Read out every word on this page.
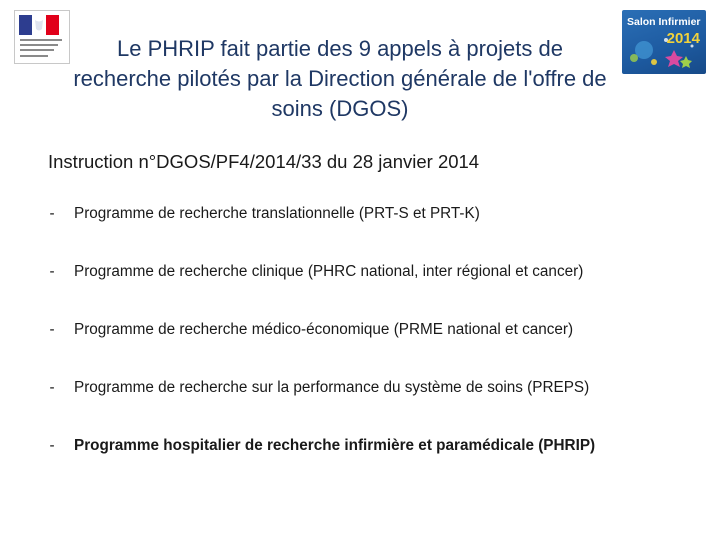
Salon Infirmier
2014
Le PHRIP fait partie des 9 appels à projets de recherche pilotés par la Direction générale de l'offre de soins (DGOS)

Instruction n°DGOS/PF4/2014/33 du 28 janvier 2014

-	Programme de recherche translationnelle (PRT-S et PRT-K)
-	Programme de recherche clinique (PHRC national, inter régional et cancer)
-	Programme de recherche médico-économique (PRME national et cancer)
-	Programme de recherche sur la performance du système de soins (PREPS)
-	Programme hospitalier de recherche infirmière et paramédicale (PHRIP)
